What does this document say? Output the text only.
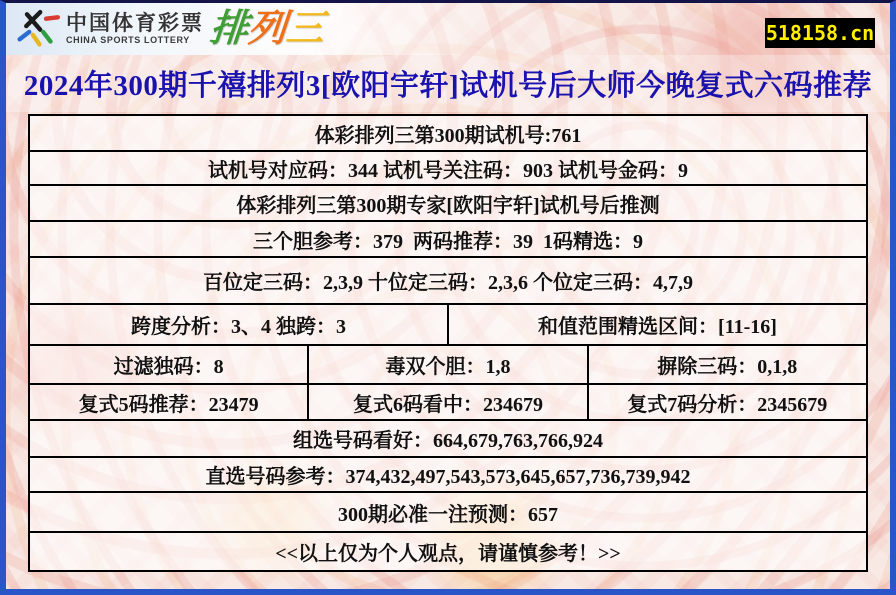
中国体育彩票
CHINA SPORTS LOTTERY 排列三	518158.cn
2024年300期千禧排列3[欧阳宇轩]试机号后大师今晚复式六码推荐
体彩排列三第300期试机号:761
试机号对应码：344 试机号关注码：903 试机号金码：9
体彩排列三第300期专家[欧阳宇轩]试机号后推测
三个胆参考：379  两码推荐：39  1码精选：9
百位定三码：2,3,9 十位定三码：2,3,6 个位定三码：4,7,9
跨度分析：3、4 独跨：3	和值范围精选区间：[11-16]
过滤独码：8	毒双个胆：1,8	摒除三码：0,1,8
复式5码推荐：23479	复式6码看中：234679	复式7码分析：2345679
组选号码看好：664,679,763,766,924
直选号码参考：374,432,497,543,573,645,657,736,739,942
300期必准一注预测：657
<<以上仅为个人观点，请谨慎参考！>>
